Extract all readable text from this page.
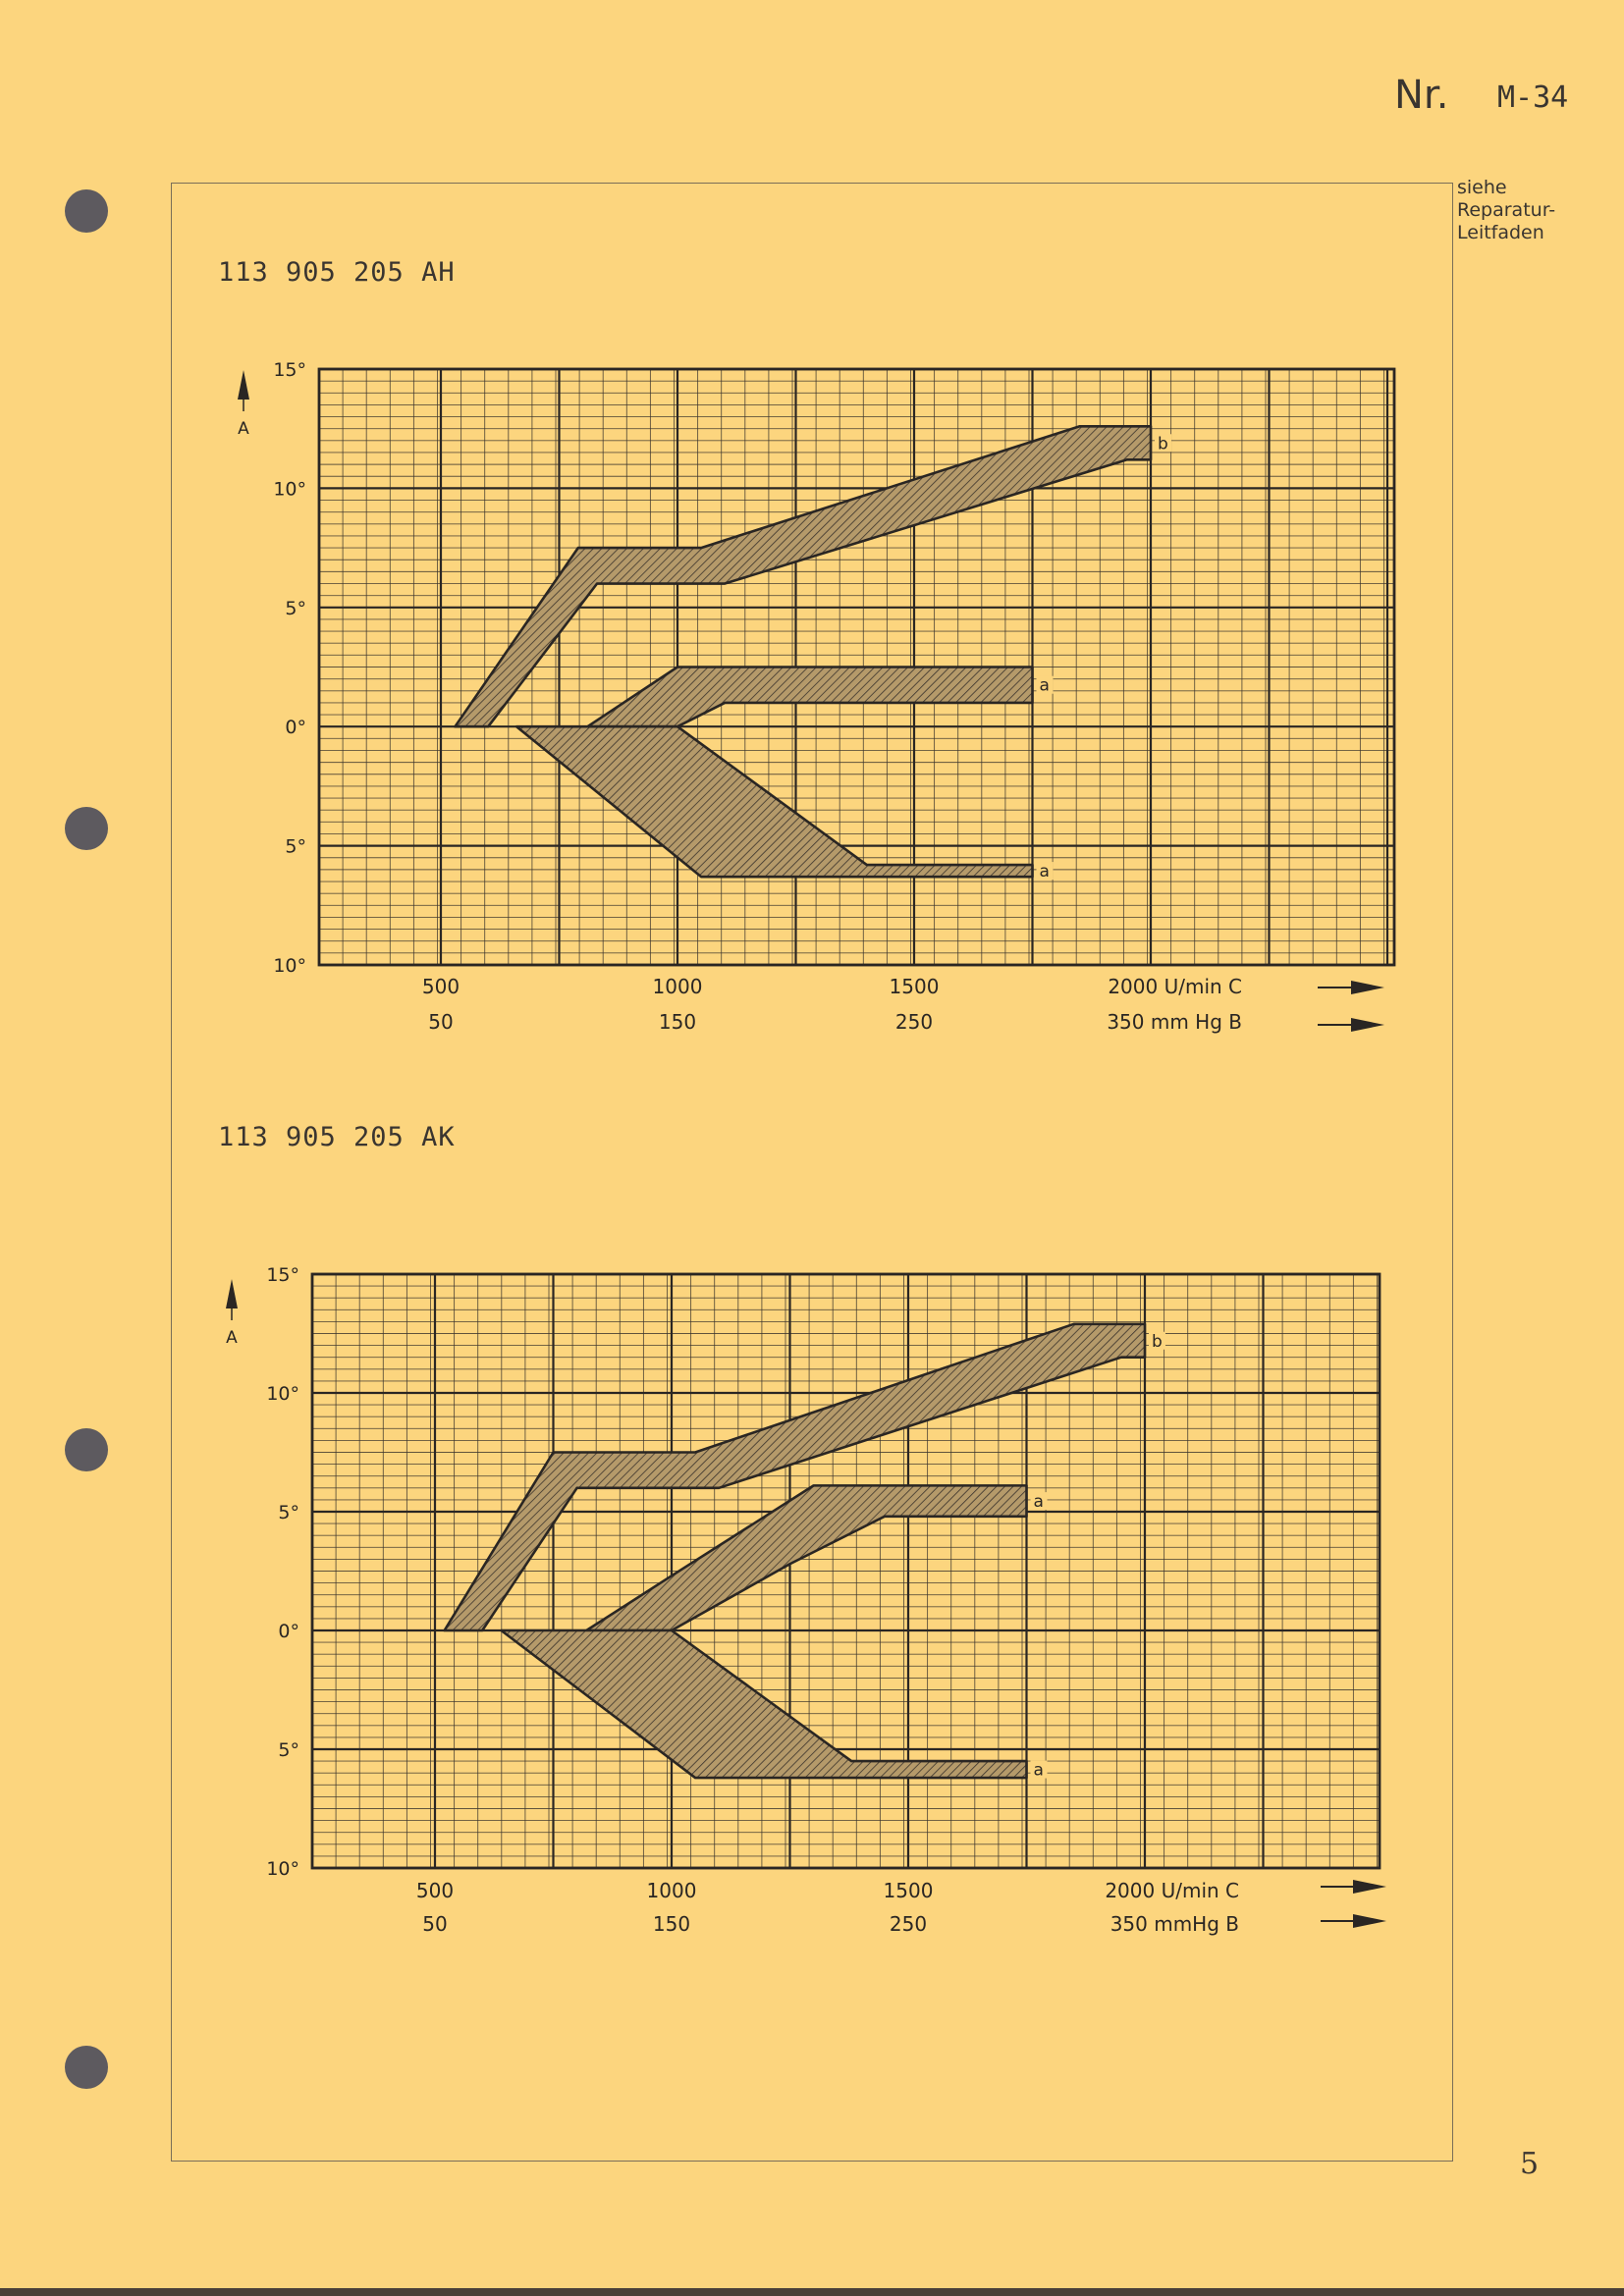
Nr. M-34
siehe
Reparatur-
Leitfaden
113 905 205 AH
113 905 205 AK
5
b
a
a
15°
10°
5°
0°
5°
10°
A
500	1000	1500
50	150	250
2000 U/min C
350 mm Hg B
b
a
a
15°
10°
5°
0°
5°
10°
A
500	1000	1500
50	150	250
2000 U/min C
350 mmHg B
